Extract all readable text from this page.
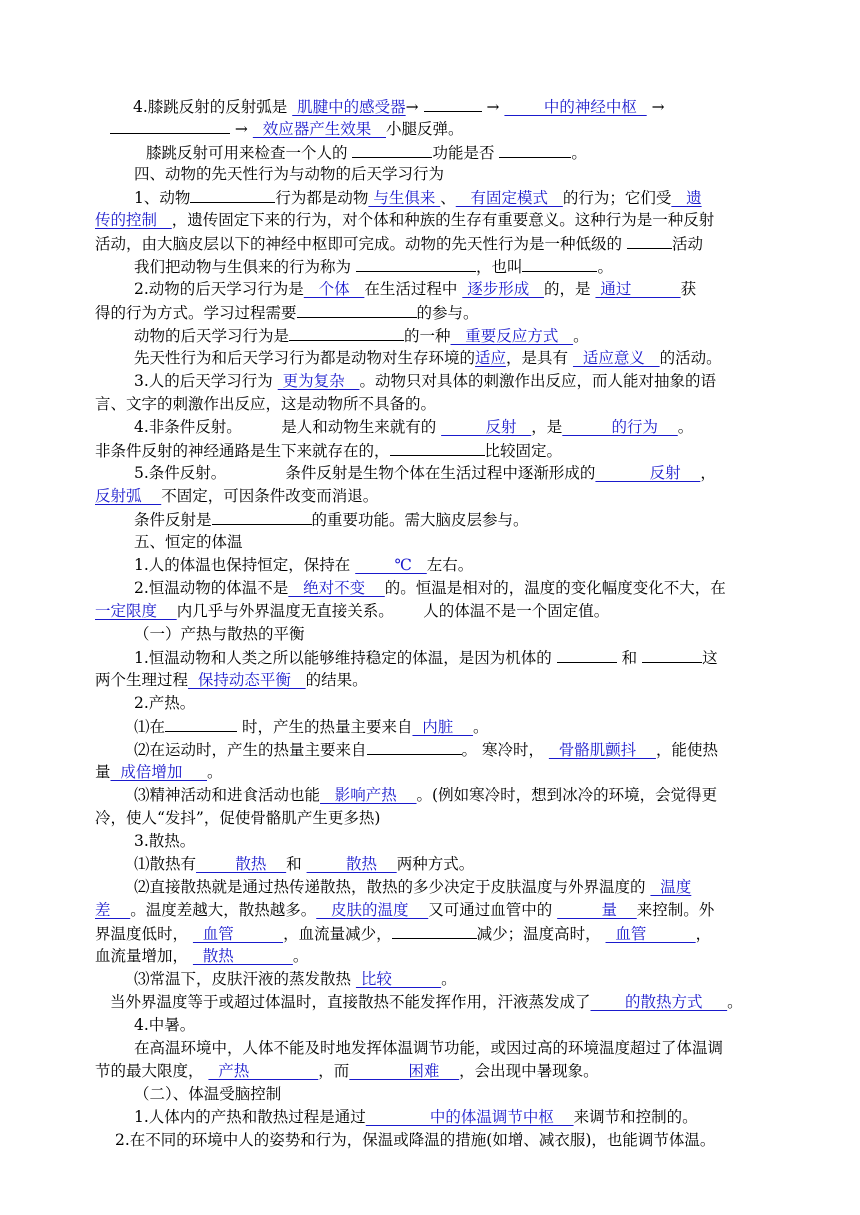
4.膝跳反射的反射弧是  肌腱中的感受器→	→         中的神经中枢   →
→   效应器产生效果   小腿反弹。
膝跳反射可用来检查一个人的	功能是否	。
四、动物的先天性行为与动物的后天学习行为
1、动物	行为都是动物 与生俱来 、   有固定模式   的行为；它们受   遗
传的控制   ，遗传固定下来的行为，对个体和种族的生存有重要意义。这种行为是一种反射
活动，由大脑皮层以下的神经中枢即可完成。动物的先天性行为是一种低级的	活动
我们把动物与生俱来的行为称为	，也叫	。
2.动物的后天学习行为是   个体   在生活过程中  逐步形成   的，是  通过          获
得的行为方式。学习过程需要	的参与。
动物的后天学习行为是	的一种   重要反应方式   。
先天性行为和后天学习行为都是动物对生存环境的适应，是具有   适应意义   的活动。
3.人的后天学习行为  更为复杂   。动物只对具体的刺激作出反应，而人能对抽象的语
言、文字的刺激作出反应，这是动物所不具备的。
4.非条件反射。        是人和动物生来就有的          反射   ，是          的行为    。
非条件反射的神经通路是生下来就存在的，	比较固定。
5.条件反射。            条件反射是生物个体在生活过程中逐渐形成的           反射    ，
反射弧    不固定，可因条件改变而消退。
条件反射是	的重要功能。需大脑皮层参与。
五、恒定的体温
1.人的体温也保持恒定，保持在         ℃   左右。
2.恒温动物的体温不是   绝对不变    的。恒温是相对的，温度的变化幅度变化不大，在
一定限度    内几乎与外界温度无直接关系。      人的体温不是一个固定值。
（一）产热与散热的平衡
1.恒温动物和人类之所以能够维持稳定的体温，是因为机体的	和	这
两个生理过程  保持动态平衡   的结果。
2.产热。
⑴在	时，产生的热量主要来自  内脏    。
⑵在运动时，产生的热量主要来自	。 寒冷时，   骨骼肌颤抖    ，能使热
量  成倍增加     。
⑶精神活动和进食活动也能   影响产热    。(例如寒冷时，想到冰冷的环境，会觉得更
冷，使人“发抖”，促使骨骼肌产生更多热)
3.散热。
⑴散热有        散热    和         散热    两种方式。
⑵直接散热就是通过热传递散热，散热的多少决定于皮肤温度与外界温度的   温度
差    。温度差越大，散热越多。   皮肤的温度    又可通过血管中的          量    来控制。外
界温度低时，   血管          ，血流量减少，	减少；温度高时，   血管          ，
血流量增加，   散热            。
⑶常温下，皮肤汗液的蒸发散热  比较          。
当外界温度等于或超过体温时，直接散热不能发挥作用，汗液蒸发成了       的散热方式     。
4.中暑。
在高温环境中，人体不能及时地发挥体温调节功能，或因过高的环境温度超过了体温调
节的最大限度，   产热              ，而            困难    ，会出现中暑现象。
（二）、体温受脑控制
1.人体内的产热和散热过程是通过             中的体温调节中枢    来调节和控制的。
2.在不同的环境中人的姿势和行为，保温或降温的措施(如增、减衣服)，也能调节体温。
